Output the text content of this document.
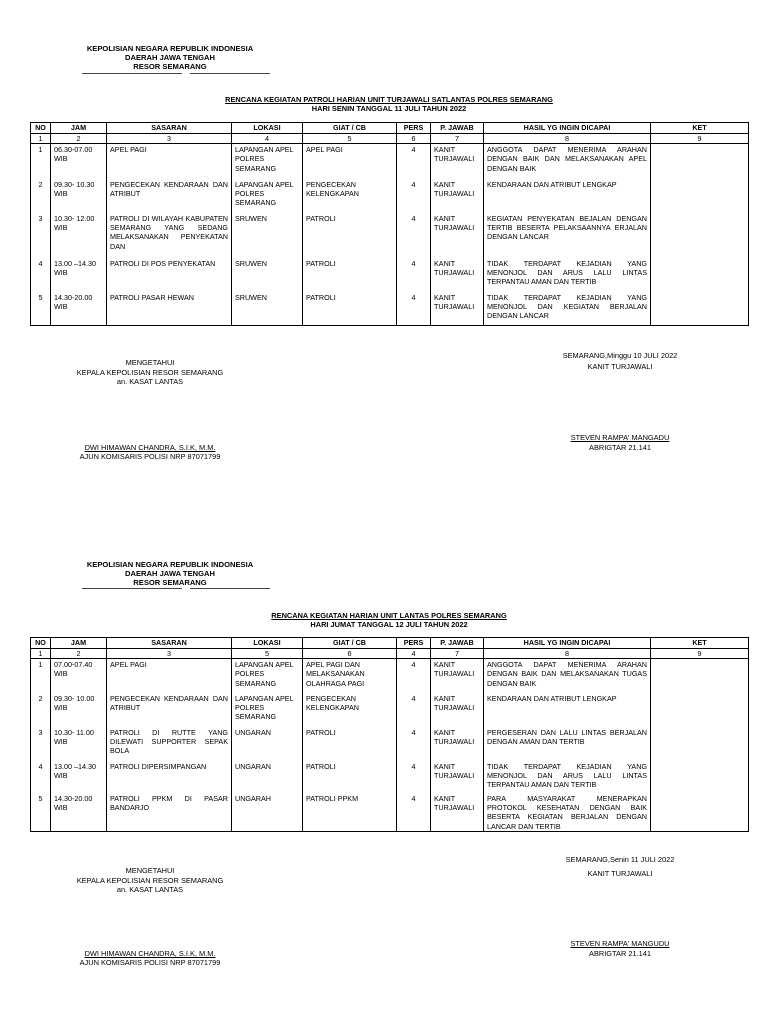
KEPOLISIAN NEGARA REPUBLIK INDONESIA
DAERAH JAWA TENGAH
RESOR SEMARANG
RENCANA KEGIATAN PATROLI HARIAN UNIT TURJAWALI SATLANTAS POLRES SEMARANG
HARI SENIN TANGGAL 11 JULI TAHUN 2022
NO	JAM	SASARAN	LOKASI	GIAT / CB	PERS	P. JAWAB	HASIL YG INGIN DICAPAI	KET
1	2	3	4	5	6	7	8	9
1	06.30-07.00 WIB	APEL PAGI	LAPANGAN APEL POLRES SEMARANG	APEL PAGI	4	KANIT TURJAWALI	ANGGOTA DAPAT MENERIMA ARAHAN DENGAN BAIK DAN MELAKSANAKAN APEL DENGAN BAIK	
2	09.30- 10.30 WIB	PENGECEKAN KENDARAAN DAN ATRIBUT	LAPANGAN APEL POLRES SEMARANG	PENGECEKAN KELENGKAPAN	4	KANIT TURJAWALI	KENDARAAN DAN ATRIBUT LENGKAP	
3	10.30- 12.00 WIB	PATROLI DI WILAYAH KABUPATEN SEMARANG YANG SEDANG MELAKSANAKAN PENYEKATAN DAN	SRUWEN	PATROLI	4	KANIT TURJAWALI	KEGIATAN PENYEKATAN BEJALAN DENGAN TERTIB BESERTA PELAKSAANNYA ERJALAN DENGAN LANCAR	
4	13.00 –14.30 WIB	PATROLI DI POS PENYEKATAN	SRUWEN	PATROLI	4	KANIT TURJAWALI	TIDAK TERDAPAT KEJADIAN YANG MENONJOL DAN ARUS LALU LINTAS TERPANTAU AMAN DAN TERTIB	
5	14.30-20.00 WIB	PATROLI PASAR HEWAN	SRUWEN	PATROLI	4	KANIT TURJAWALI	TIDAK TERDAPAT KEJADIAN YANG MENONJOL DAN KEGIATAN BERJALAN DENGAN LANCAR	
MENGETAHUI
KEPALA KEPOLISIAN RESOR SEMARANG
an. KASAT LANTAS
DWI HIMAWAN CHANDRA, S.I.K, M.M.
AJUN KOMISARIS POLISI NRP 87071799
SEMARANG,Minggu 10 JULI 2022
KANIT TURJAWALI
STEVEN RAMPA' MANGADU
ABRIGTAR 21.141
KEPOLISIAN NEGARA REPUBLIK INDONESIA
DAERAH JAWA TENGAH
RESOR SEMARANG
RENCANA KEGIATAN HARIAN UNIT LANTAS POLRES SEMARANG
HARI JUMAT TANGGAL 12 JULI TAHUN 2022
NO	JAM	SASARAN	LOKASI	GIAT / CB	PERS	P. JAWAB	HASIL YG INGIN DICAPAI	KET
1	2	3	5	6	4	7	8	9
1	07.00-07.40 WIB	APEL PAGI	LAPANGAN APEL POLRES SEMARANG	APEL PAGI DAN MELAKSANAKAN OLAHRAGA PAGI	4	KANIT TURJAWALI	ANGGOTA DAPAT MENERIMA ARAHAN DENGAN BAIK DAN MELAKSANAKAN TUGAS DENGAN BAIK	
2	09.30- 10.00 WIB	PENGECEKAN KENDARAAN DAN ATRIBUT	LAPANGAN APEL POLRES SEMARANG	PENGECEKAN KELENGKAPAN	4	KANIT TURJAWALI	KENDARAAN DAN ATRIBUT LENGKAP	
3	10.30- 11.00 WIB	PATROLI DI RUTTE YANG DILEWATI SUPPORTER SEPAK BOLA	UNGARAN	PATROLI	4	KANIT TURJAWALI	PERGESERAN DAN LALU LINTAS BERJALAN DENGAN AMAN DAN TERTIB	
4	13.00 –14.30 WIB	PATROLI DIPERSIMPANGAN	UNGARAN	PATROLI	4	KANIT TURJAWALI	TIDAK TERDAPAT KEJADIAN YANG MENONJOL DAN ARUS LALU LINTAS TERPANTAU AMAN DAN TERTIB	
5	14.30-20.00 WIB	PATROLI PPKM DI PASAR BANDARJO	UNGARAH	PATROLI PPKM	4	KANIT TURJAWALI	PARA MASYARAKAT MENERAPKAN PROTOKOL KESEHATAN DENGAN BAIK BESERTA KEGIATAN BERJALAN DENGAN LANCAR DAN TERTIB	
MENGETAHUI
KEPALA KEPOLISIAN RESOR SEMARANG
an. KASAT LANTAS
DWI HIMAWAN CHANDRA, S.I.K, M.M.
AJUN KOMISARIS POLISI NRP 87071799
SEMARANG,Senin 11 JULI 2022
KANIT TURJAWALI
STEVEN RAMPA' MANGUDU
ABRIGTAR 21.141
